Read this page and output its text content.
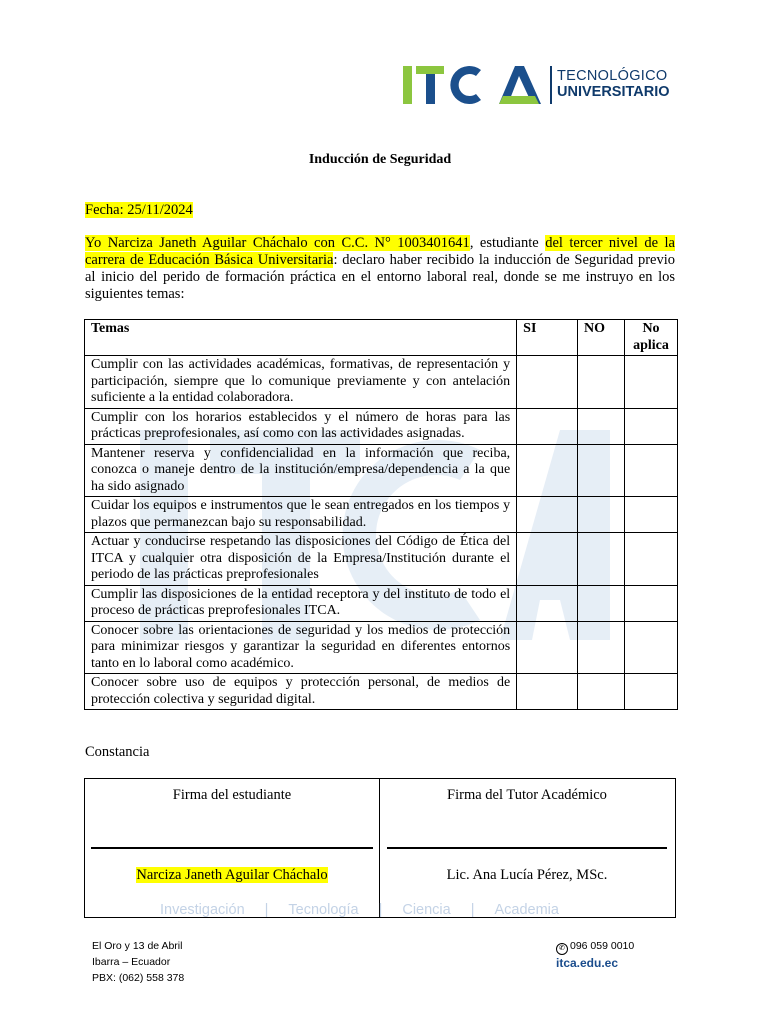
TECNOLÓGICO
UNIVERSITARIO
Inducción de Seguridad
Fecha: 25/11/2024
Yo Narciza Janeth Aguilar Cháchalo con C.C. N° 1003401641, estudiante del tercer nivel de la carrera de Educación Básica Universitaria: declaro haber recibido la inducción de Seguridad previo al inicio del perido de formación práctica en el entorno laboral real, donde se me instruyo en los siguientes temas:
Temas	SI	NO	No aplica
Cumplir con las actividades académicas, formativas, de representación y participación, siempre que lo comunique previamente y con antelación suficiente a la entidad colaboradora.			
Cumplir con los horarios establecidos y el número de horas para las prácticas preprofesionales, así como con las actividades asignadas.			
Mantener reserva y confidencialidad en la información que reciba, conozca o maneje dentro de la institución/empresa/dependencia a la que ha sido asignado			
Cuidar los equipos e instrumentos que le sean entregados en los tiempos y plazos que permanezcan bajo su responsabilidad.			
Actuar y conducirse respetando las disposiciones del Código de Ética del ITCA y cualquier otra disposición de la Empresa/Institución durante el periodo de las prácticas preprofesionales			
Cumplir las disposiciones de la entidad receptora y del instituto de todo el proceso de prácticas preprofesionales ITCA.			
Conocer sobre las orientaciones de seguridad y los medios de protección para minimizar riesgos y garantizar la seguridad en diferentes entornos tanto en lo laboral como académico.			
Conocer sobre uso de equipos y protección personal, de medios de protección colectiva y seguridad digital.			
Constancia
Firma del estudiante	Firma del Tutor Académico
Narciza Janeth Aguilar Cháchalo	Lic. Ana Lucía Pérez, MSc.
Investigación | Tecnología | Ciencia | Academia
El Oro y 13 de Abril
Ibarra – Ecuador
PBX: (062) 558 378
✆ 096 059 0010
itca.edu.ec
